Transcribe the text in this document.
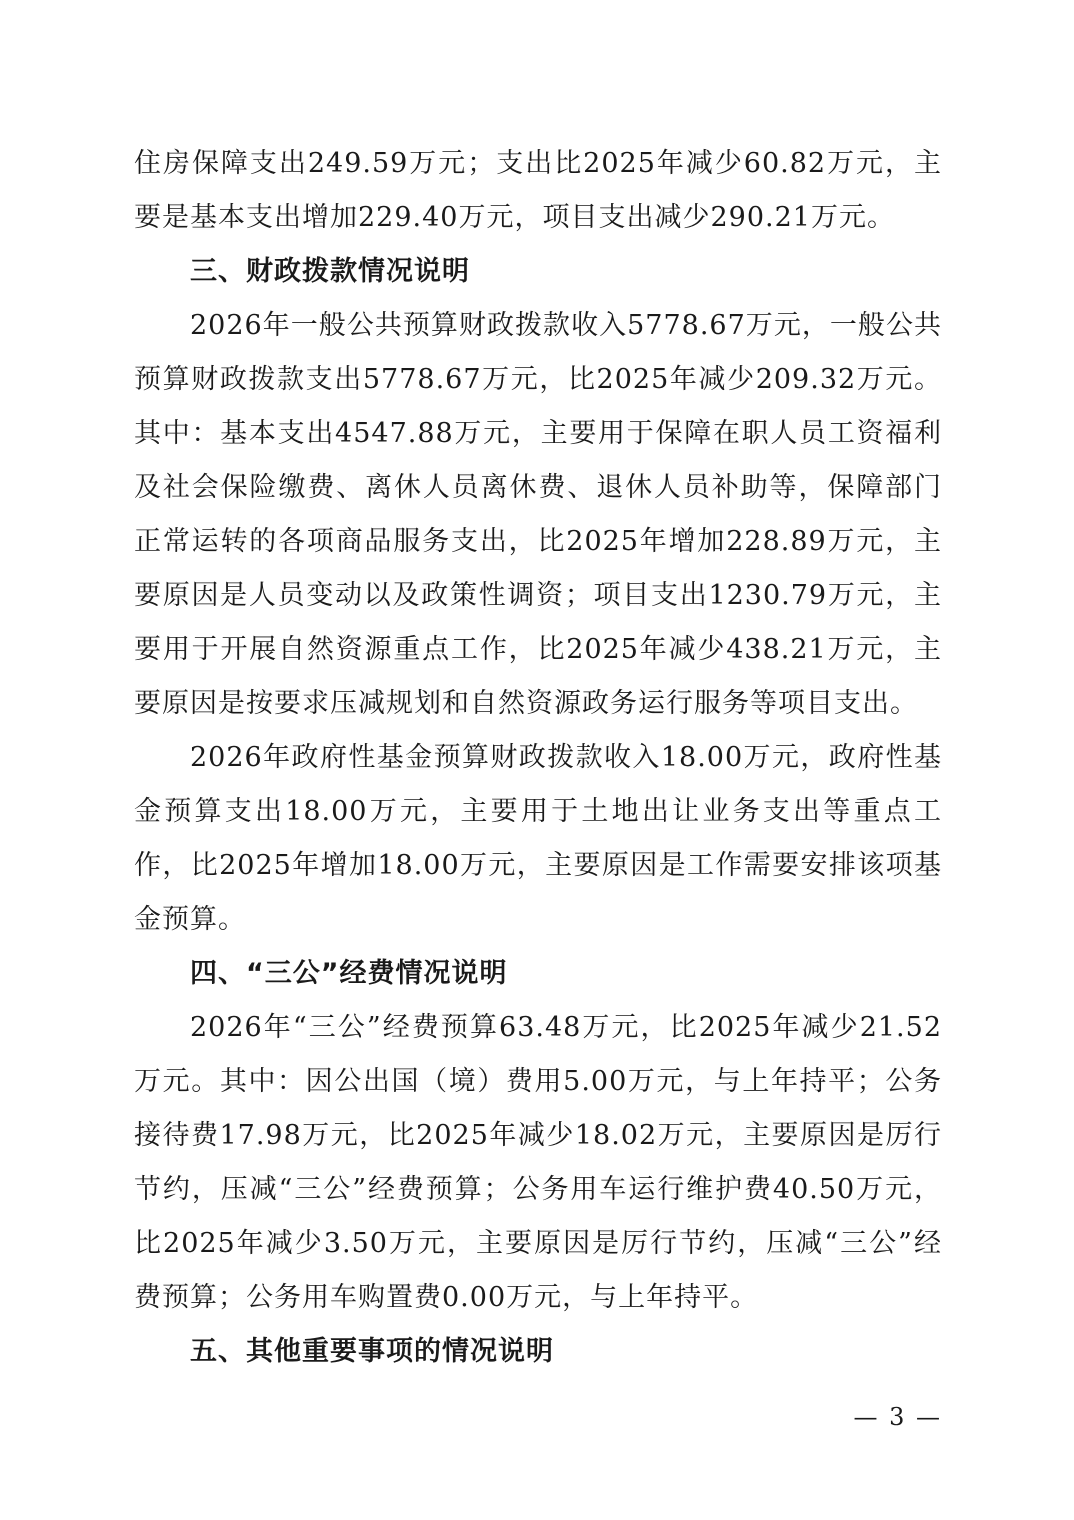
住房保障支出249.59万元；支出比2025年减少60.82万元，主要是基本支出增加229.40万元，项目支出减少290.21万元。

三、财政拨款情况说明

2026年一般公共预算财政拨款收入5778.67万元，一般公共预算财政拨款支出5778.67万元，比2025年减少209.32万元。其中：基本支出4547.88万元，主要用于保障在职人员工资福利及社会保险缴费、离休人员离休费、退休人员补助等，保障部门正常运转的各项商品服务支出，比2025年增加228.89万元，主要原因是人员变动以及政策性调资；项目支出1230.79万元，主要用于开展自然资源重点工作，比2025年减少438.21万元，主要原因是按要求压减规划和自然资源政务运行服务等项目支出。

2026年政府性基金预算财政拨款收入18.00万元，政府性基金预算支出18.00万元，主要用于土地出让业务支出等重点工作，比2025年增加18.00万元，主要原因是工作需要安排该项基金预算。

四、“三公”经费情况说明

2026年“三公”经费预算63.48万元，比2025年减少21.52万元。其中：因公出国（境）费用5.00万元，与上年持平；公务接待费17.98万元，比2025年减少18.02万元，主要原因是厉行节约，压减“三公”经费预算；公务用车运行维护费40.50万元，比2025年减少3.50万元，主要原因是厉行节约，压减“三公”经费预算；公务用车购置费0.00万元，与上年持平。

五、其他重要事项的情况说明
— 3 —
